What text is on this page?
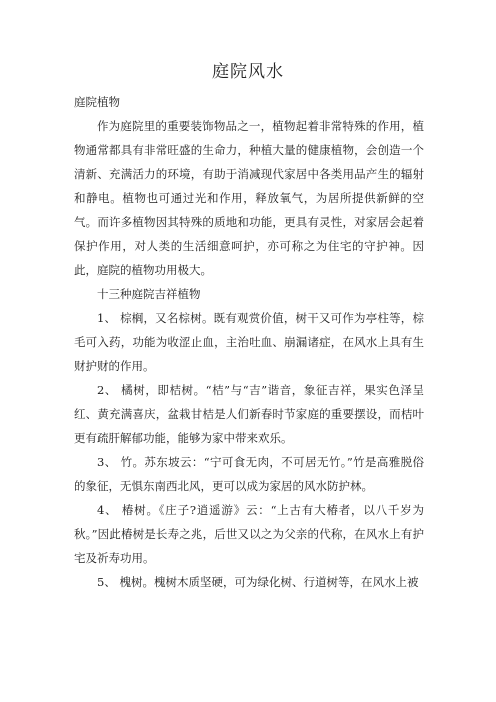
庭院风水

庭院植物

作为庭院里的重要装饰物品之一，植物起着非常特殊的作用，植物通常都具有非常旺盛的生命力，种植大量的健康植物，会创造一个清新、充满活力的环境，有助于消减现代家居中各类用品产生的辐射和静电。植物也可通过光和作用，释放氧气，为居所提供新鲜的空气。而许多植物因其特殊的质地和功能，更具有灵性，对家居会起着保护作用，对人类的生活细意呵护，亦可称之为住宅的守护神。因此，庭院的植物功用极大。

十三种庭院吉祥植物

1、 棕榈，又名棕树。既有观赏价值，树干又可作为亭柱等，棕毛可入药，功能为收涩止血，主治吐血、崩漏诸症，在风水上具有生财护财的作用。

2、 橘树，即桔树。“桔”与“吉”谐音，象征吉祥，果实色泽呈红、黄充满喜庆，盆栽甘桔是人们新春时节家庭的重要摆设，而桔叶更有疏肝解郁功能，能够为家中带来欢乐。

3、 竹。苏东坡云：“宁可食无肉，不可居无竹。”竹是高雅脱俗的象征，无惧东南西北风，更可以成为家居的风水防护林。

4、 椿树。《庄子?逍遥游》云：“上古有大椿者，以八千岁为秋。”因此椿树是长寿之兆，后世又以之为父亲的代称，在风水上有护宅及祈寿功用。

5、 槐树。槐树木质坚硬，可为绿化树、行道树等，在风水上被
